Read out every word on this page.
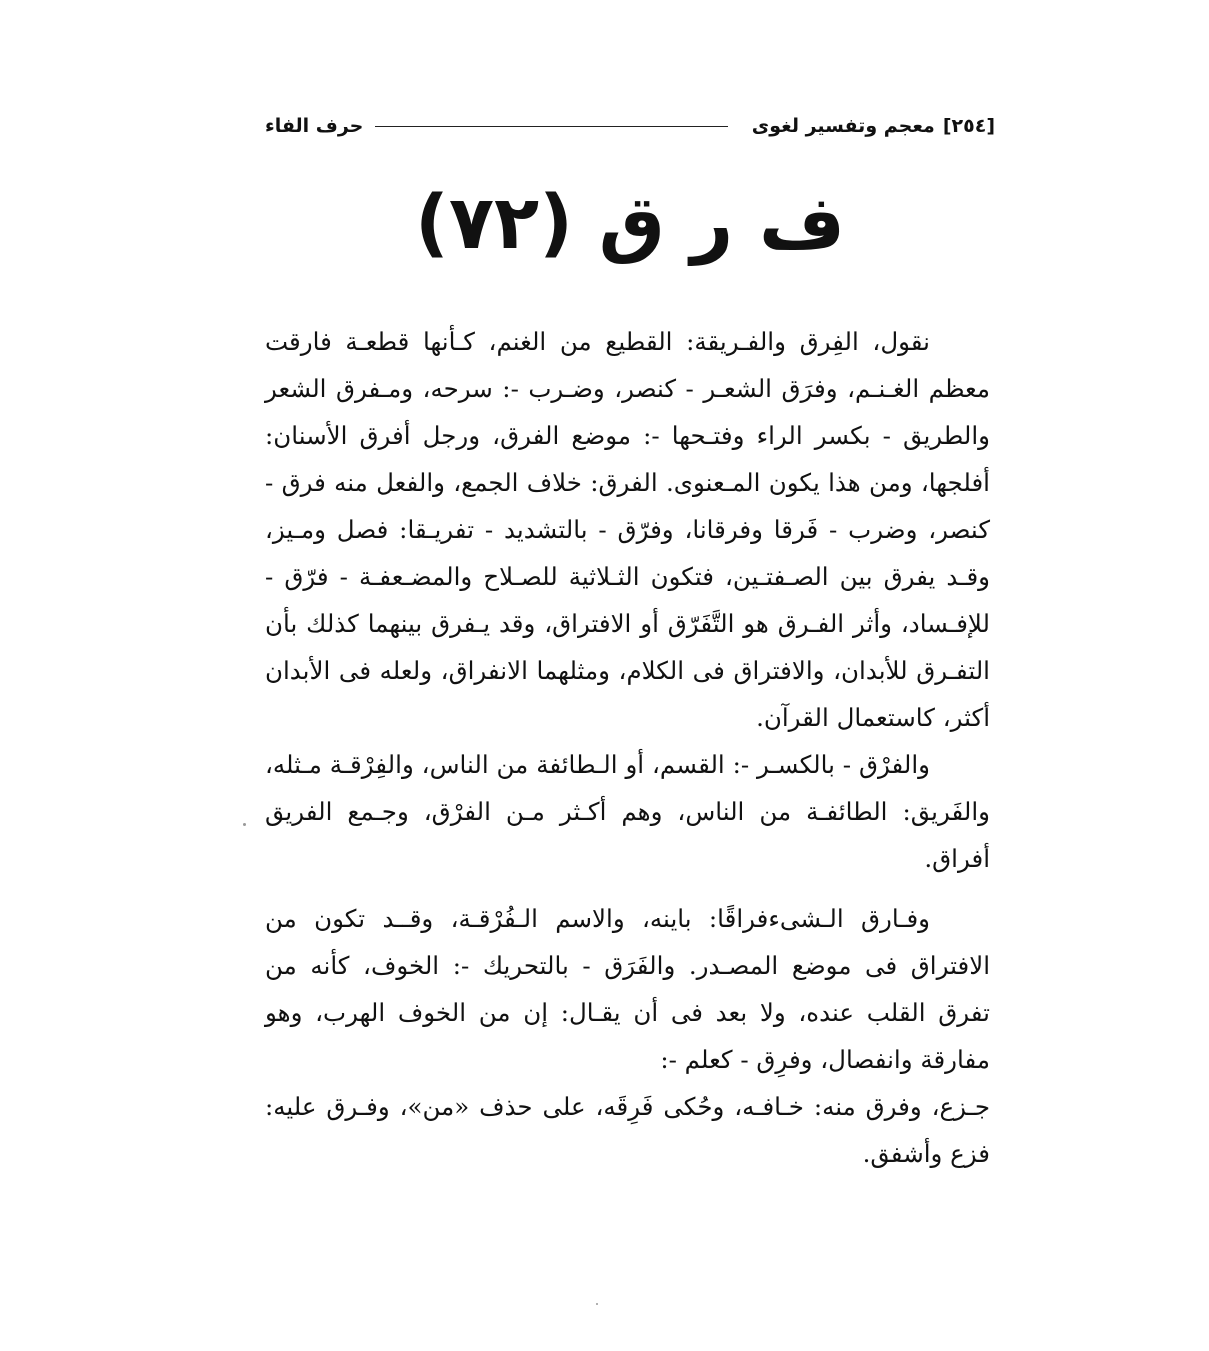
[٢٥٤]
معجم وتفسير لغوى
حرف الفاء
ف ر ق (٧٢)

نقول، الفِرق والفـريقة: القطيع من الغنم، كـأنها قطعـة فارقت معظم الغـنـم، وفرَق الشعـر - كنصر، وضـرب -: سرحه، ومـفرق الشعر والطريق - بكسر الراء وفتـحها -: موضع الفرق، ورجل أفرق الأسنان: أفلجها، ومن هذا يكون المـعنوى. الفرق: خلاف الجمع، والفعل منه فرق - كنصر، وضرب - فَرقا وفرقانا، وفرّق - بالتشديد - تفريـقا: فصل ومـيز، وقـد يفرق بين الصـفتـين، فتكون الثـلاثية للصـلاح والمضـعفـة - فرّق - للإفـساد، وأثر الفـرق هو التَّفَرّق أو الافتراق، وقد يـفرق بينهما كذلك بأن التفـرق للأبدان، والافتراق فى الكلام، ومثلهما الانفراق، ولعله فى الأبدان أكثر، كاستعمال القرآن.

والفرْق - بالكسـر -: القسم، أو الـطائفة من الناس، والفِرْقـة مـثله، والفَريق: الطائفـة من الناس، وهم أكـثر مـن الفرْق، وجـمع الفريق أفراق.

وفـارق الـشىءفراقًا: باينه، والاسم الـفُرْقـة، وقــد تكون من الافتراق فى موضع المصـدر. والفَرَق - بالتحريك -: الخوف، كأنه من تفرق القلب عنده، ولا بعد فى أن يقـال: إن من الخوف الهرب، وهو مفارقة وانفصال، وفرِق - كعلم -:

جـزع، وفرق منه: خـافـه، وحُكى فَرِقَه، على حذف «من»، وفـرق عليه: فزع وأشفق.
